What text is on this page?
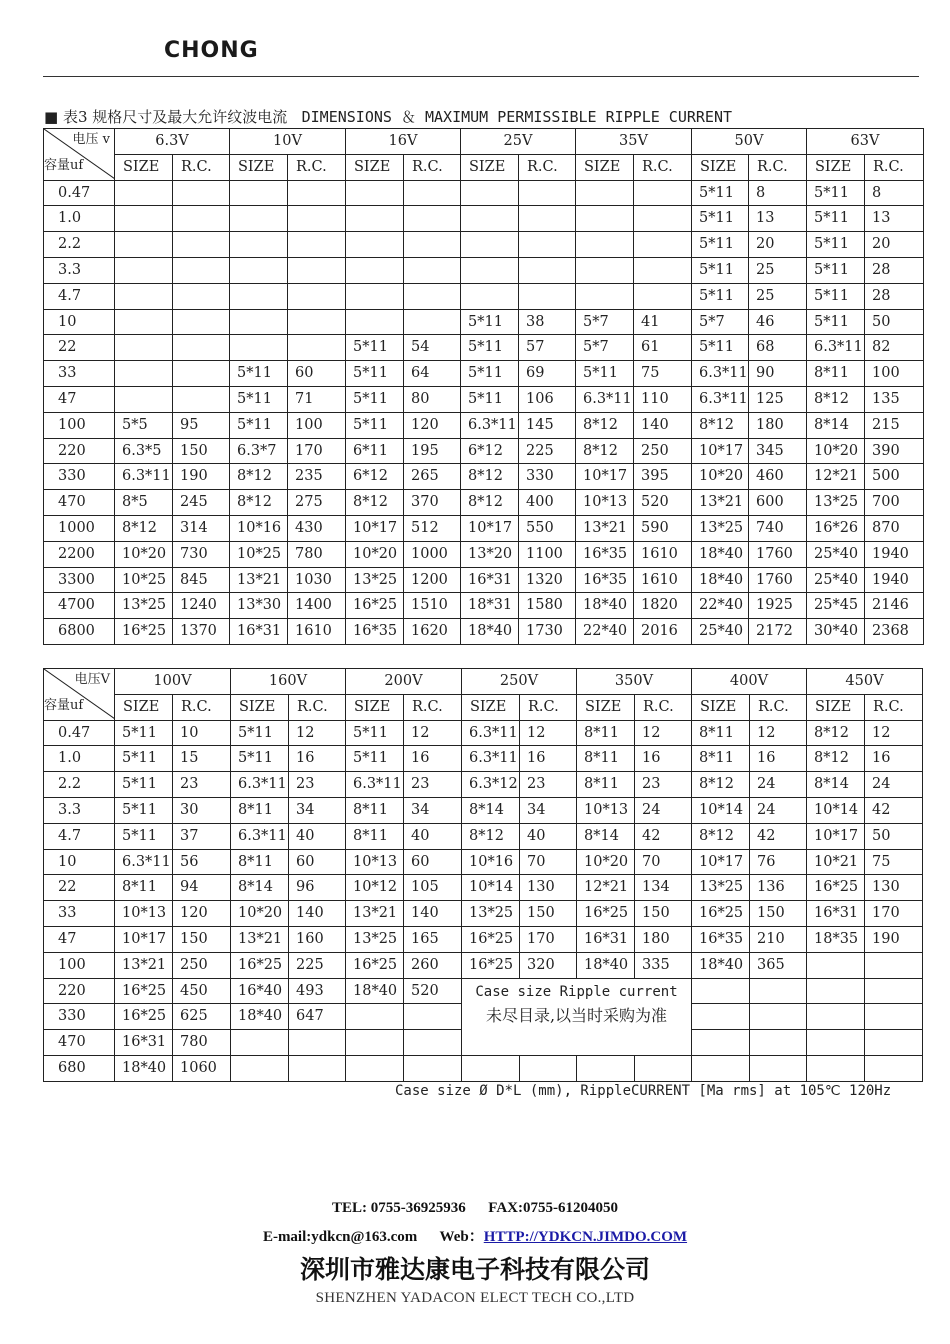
CHONG
■ 表3 规格尺寸及最大允许纹波电流 DIMENSIONS ＆ MAXIMUM PERMISSIBLE RIPPLE CURRENT
电压 v
容量uf	6.3V		10V		16V		25V		35V		50V		63V	
	SIZE	R.C.	SIZE	R.C.	SIZE	R.C.	SIZE	R.C.	SIZE	R.C.	SIZE	R.C.	SIZE	R.C.
0.47											5*11	8	5*11	8
1.0											5*11	13	5*11	13
2.2											5*11	20	5*11	20
3.3											5*11	25	5*11	28
4.7											5*11	25	5*11	28
10							5*11	38	5*7	41	5*7	46	5*11	50
22					5*11	54	5*11	57	5*7	61	5*11	68	6.3*11	82
33			5*11	60	5*11	64	5*11	69	5*11	75	6.3*11	90	8*11	100
47			5*11	71	5*11	80	5*11	106	6.3*11	110	6.3*11	125	8*12	135
100	5*5	95	5*11	100	5*11	120	6.3*11	145	8*12	140	8*12	180	8*14	215
220	6.3*5	150	6.3*7	170	6*11	195	6*12	225	8*12	250	10*17	345	10*20	390
330	6.3*11	190	8*12	235	6*12	265	8*12	330	10*17	395	10*20	460	12*21	500
470	8*5	245	8*12	275	8*12	370	8*12	400	10*13	520	13*21	600	13*25	700
1000	8*12	314	10*16	430	10*17	512	10*17	550	13*21	590	13*25	740	16*26	870
2200	10*20	730	10*25	780	10*20	1000	13*20	1100	16*35	1610	18*40	1760	25*40	1940
3300	10*25	845	13*21	1030	13*25	1200	16*31	1320	16*35	1610	18*40	1760	25*40	1940
4700	13*25	1240	13*30	1400	16*25	1510	18*31	1580	18*40	1820	22*40	1925	25*45	2146
6800	16*25	1370	16*31	1610	16*35	1620	18*40	1730	22*40	2016	25*40	2172	30*40	2368
电压V
容量uf	100V		160V		200V		250V		350V		400V		450V	
	SIZE	R.C.	SIZE	R.C.	SIZE	R.C.	SIZE	R.C.	SIZE	R.C.	SIZE	R.C.	SIZE	R.C.
0.47	5*11	10	5*11	12	5*11	12	6.3*11	12	8*11	12	8*11	12	8*12	12
1.0	5*11	15	5*11	16	5*11	16	6.3*11	16	8*11	16	8*11	16	8*12	16
2.2	5*11	23	6.3*11	23	6.3*11	23	6.3*12	23	8*11	23	8*12	24	8*14	24
3.3	5*11	30	8*11	34	8*11	34	8*14	34	10*13	24	10*14	24	10*14	42
4.7	5*11	37	6.3*11	40	8*11	40	8*12	40	8*14	42	8*12	42	10*17	50
10	6.3*11	56	8*11	60	10*13	60	10*16	70	10*20	70	10*17	76	10*21	75
22	8*11	94	8*14	96	10*12	105	10*14	130	12*21	134	13*25	136	16*25	130
33	10*13	120	10*20	140	13*21	140	13*25	150	16*25	150	16*25	150	16*31	170
47	10*17	150	13*21	160	13*25	165	16*25	170	16*31	180	16*35	210	18*35	190
100	13*21	250	16*25	225	16*25	260	16*25	320	18*40	335	18*40	365		
220	16*25	450	16*40	493	18*40	520	Case size Ripple current
未尽目录,以当时采购为准							

330	16*25	625	18*40	647										
470	16*31	780												
680	18*40	1060												
Case size Ø D*L (mm), RippleCURRENT [Ma rms] at 105℃ 120Hz
TEL: 0755-36925936 FAX:0755-61204050
E-mail:ydkcn@163.com Web：HTTP://YDKCN.JIMDO.COM
深圳市雅达康电子科技有限公司
SHENZHEN YADACON ELECT TECH CO.,LTD
